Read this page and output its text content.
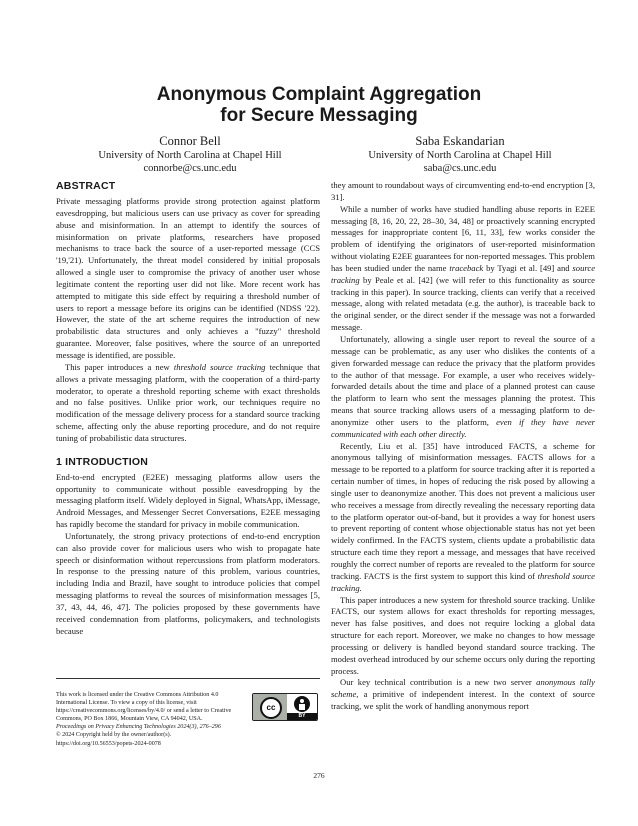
Anonymous Complaint Aggregation
for Secure Messaging
Connor Bell
University of North Carolina at Chapel Hill
connorbe@cs.unc.edu
Saba Eskandarian
University of North Carolina at Chapel Hill
saba@cs.unc.edu
ABSTRACT

Private messaging platforms provide strong protection against platform eavesdropping, but malicious users can use privacy as cover for spreading abuse and misinformation. In an attempt to identify the sources of misinformation on private platforms, researchers have proposed mechanisms to trace back the source of a user-reported message (CCS '19,'21). Unfortunately, the threat model considered by initial proposals allowed a single user to compromise the privacy of another user whose legitimate content the reporting user did not like. More recent work has attempted to mitigate this side effect by requiring a threshold number of users to report a message before its origins can be identified (NDSS '22). However, the state of the art scheme requires the introduction of new probabilistic data structures and only achieves a "fuzzy" threshold guarantee. Moreover, false positives, where the source of an unreported message is identified, are possible.

This paper introduces a new threshold source tracking technique that allows a private messaging platform, with the cooperation of a third-party moderator, to operate a threshold reporting scheme with exact thresholds and no false positives. Unlike prior work, our techniques require no modification of the message delivery process for a standard source tracking scheme, affecting only the abuse reporting procedure, and do not require tuning of probabilistic data structures.

1 INTRODUCTION

End-to-end encrypted (E2EE) messaging platforms allow users the opportunity to communicate without possible eavesdropping by the messaging platform itself. Widely deployed in Signal, WhatsApp, iMessage, Android Messages, and Messenger Secret Conversations, E2EE messaging has rapidly become the standard for privacy in mobile communication.

Unfortunately, the strong privacy protections of end-to-end encryption can also provide cover for malicious users who wish to propagate hate speech or disinformation without repercussions from platform moderators. In response to the pressing nature of this problem, various countries, including India and Brazil, have sought to introduce policies that compel messaging platforms to reveal the sources of misinformation messages [5, 37, 43, 44, 46, 47]. The policies proposed by these governments have received condemnation from platforms, policymakers, and technologists because

they amount to roundabout ways of circumventing end-to-end encryption [3, 31].

While a number of works have studied handling abuse reports in E2EE messaging [8, 16, 20, 22, 28–30, 34, 48] or proactively scanning encrypted messages for inappropriate content [6, 11, 33], few works consider the problem of identifying the originators of user-reported misinformation without violating E2EE guarantees for non-reported messages. This problem has been studied under the name traceback by Tyagi et al. [49] and source tracking by Peale et al. [42] (we will refer to this functionality as source tracking in this paper). In source tracking, clients can verify that a received message, along with related metadata (e.g. the author), is traceable back to the original sender, or the direct sender if the message was not a forwarded message.

Unfortunately, allowing a single user report to reveal the source of a message can be problematic, as any user who dislikes the contents of a given forwarded message can reduce the privacy that the platform provides to the author of that message. For example, a user who receives widely-forwarded details about the time and place of a planned protest can cause the platform to learn who sent the messages planning the protest. This means that source tracking allows users of a messaging platform to de-anonymize other users to the platform, even if they have never communicated with each other directly.

Recently, Liu et al. [35] have introduced FACTS, a scheme for anonymous tallying of misinformation messages. FACTS allows for a message to be reported to a platform for source tracking after it is reported a certain number of times, in hopes of reducing the risk posed by allowing a single user to deanonymize another. This does not prevent a malicious user who receives a message from directly revealing the necessary reporting data to the platform operator out-of-band, but it provides a way for honest users to prevent reporting of content whose objectionable status has not yet been widely confirmed. In the FACTS system, clients update a probabilistic data structure each time they report a message, and messages that have received roughly the correct number of reports are revealed to the platform for source tracking. FACTS is the first system to support this kind of threshold source tracking.

This paper introduces a new system for threshold source tracking. Unlike FACTS, our system allows for exact thresholds for reporting messages, never has false positives, and does not require locking a global data structure for each report. Moreover, we make no changes to how message processing or delivery is handled beyond standard source tracking. The modest overhead introduced by our scheme occurs only during the reporting process.

Our key technical contribution is a new two server anonymous tally scheme, a primitive of independent interest. In the context of source tracking, we split the work of handling anonymous report

This work is licensed under the Creative Commons Attribution 4.0 International License. To view a copy of this license, visit https://creativecommons.org/licenses/by/4.0/ or send a letter to Creative Commons, PO Box 1866, Mountain View, CA 94042, USA.
Proceedings on Privacy Enhancing Technologies 2024(3), 276–296
© 2024 Copyright held by the owner/author(s).
https://doi.org/10.56553/popets-2024-0078
cc
BY
276
